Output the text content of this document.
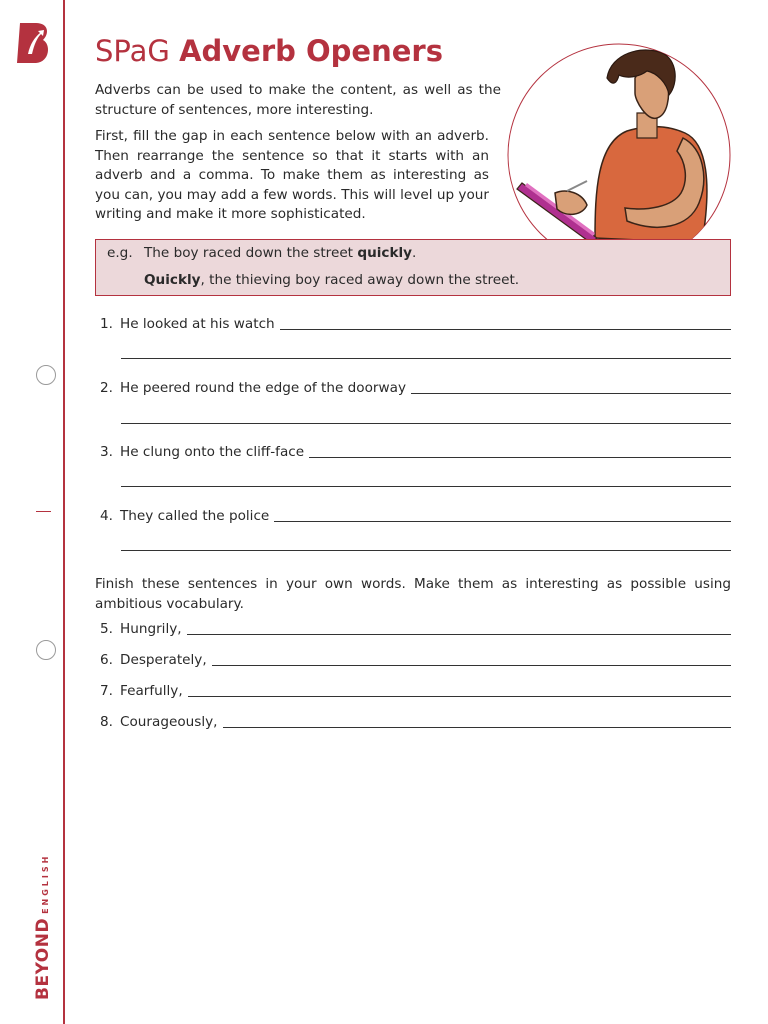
BEYONDENGLISH
SPaG Adverb Openers
Adverbs can be used to make the content, as well as the structure of sentences, more interesting.
First, fill the gap in each sentence below with an adverb. Then rearrange the sentence so that it starts with an adverb and a comma. To make them as interesting as you can, you may add a few words. This will level up your writing and make it more sophisticated.
e.g. The boy raced down the street quickly.
Quickly, the thieving boy raced away down the street.
1. He looked at his watch
2. He peered round the edge of the doorway
3. He clung onto the cliff-face
4. They called the police
Finish these sentences in your own words. Make them as interesting as possible using ambitious vocabulary.
5. Hungrily,
6. Desperately,
7. Fearfully,
8. Courageously,
